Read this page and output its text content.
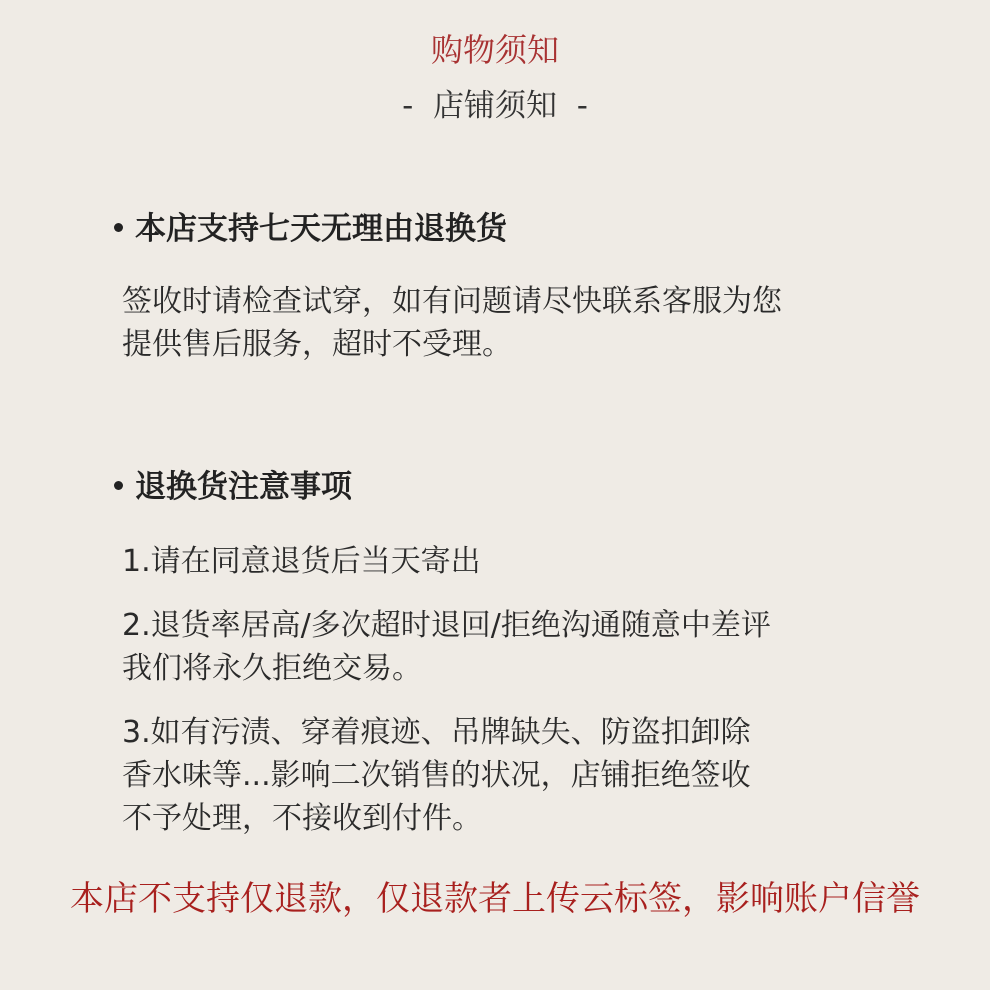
购物须知
-  店铺须知  -
本店支持七天无理由退换货
签收时请检查试穿，如有问题请尽快联系客服为您
提供售后服务，超时不受理。
退换货注意事项
1.请在同意退货后当天寄出
2.退货率居高/多次超时退回/拒绝沟通随意中差评
我们将永久拒绝交易。
3.如有污渍、穿着痕迹、吊牌缺失、防盗扣卸除
香水味等...影响二次销售的状况，店铺拒绝签收
不予处理，不接收到付件。
本店不支持仅退款，仅退款者上传云标签，影响账户信誉
